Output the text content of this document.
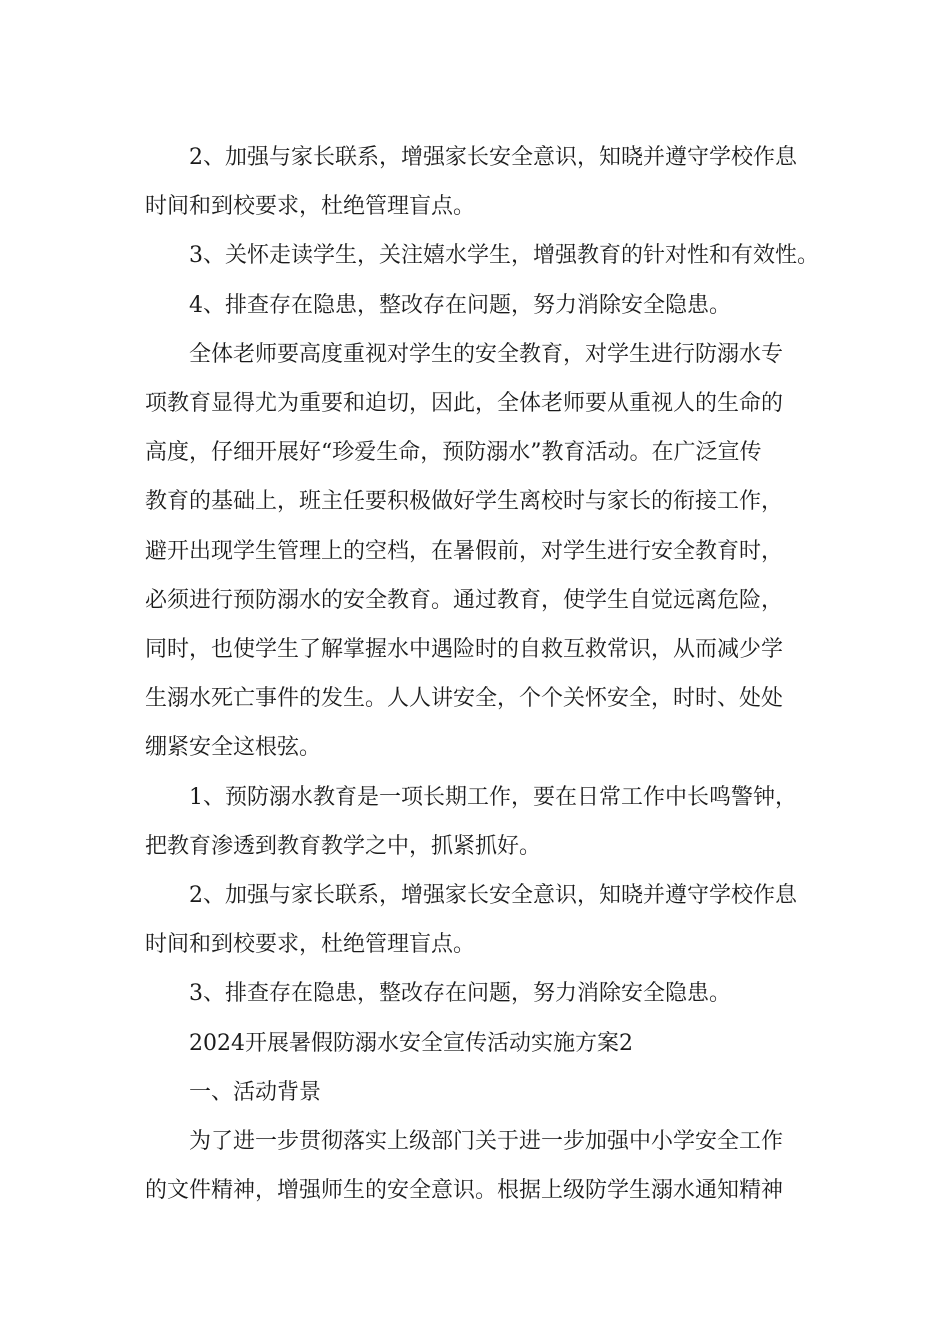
2、加强与家长联系，增强家长安全意识，知晓并遵守学校作息
时间和到校要求，杜绝管理盲点。
3、关怀走读学生，关注嬉水学生，增强教育的针对性和有效性。
4、排查存在隐患，整改存在问题，努力消除安全隐患。
全体老师要高度重视对学生的安全教育，对学生进行防溺水专
项教育显得尤为重要和迫切，因此，全体老师要从重视人的生命的
高度，仔细开展好“珍爱生命，预防溺水”教育活动。在广泛宣传
教育的基础上，班主任要积极做好学生离校时与家长的衔接工作，
避开出现学生管理上的空档，在暑假前，对学生进行安全教育时，
必须进行预防溺水的安全教育。通过教育，使学生自觉远离危险，
同时，也使学生了解掌握水中遇险时的自救互救常识，从而减少学
生溺水死亡事件的发生。人人讲安全，个个关怀安全，时时、处处
绷紧安全这根弦。
1、预防溺水教育是一项长期工作，要在日常工作中长鸣警钟，
把教育渗透到教育教学之中，抓紧抓好。
2、加强与家长联系，增强家长安全意识，知晓并遵守学校作息
时间和到校要求，杜绝管理盲点。
3、排查存在隐患，整改存在问题，努力消除安全隐患。
2024开展暑假防溺水安全宣传活动实施方案2
一、活动背景
为了进一步贯彻落实上级部门关于进一步加强中小学安全工作
的文件精神，增强师生的安全意识。根据上级防学生溺水通知精神
